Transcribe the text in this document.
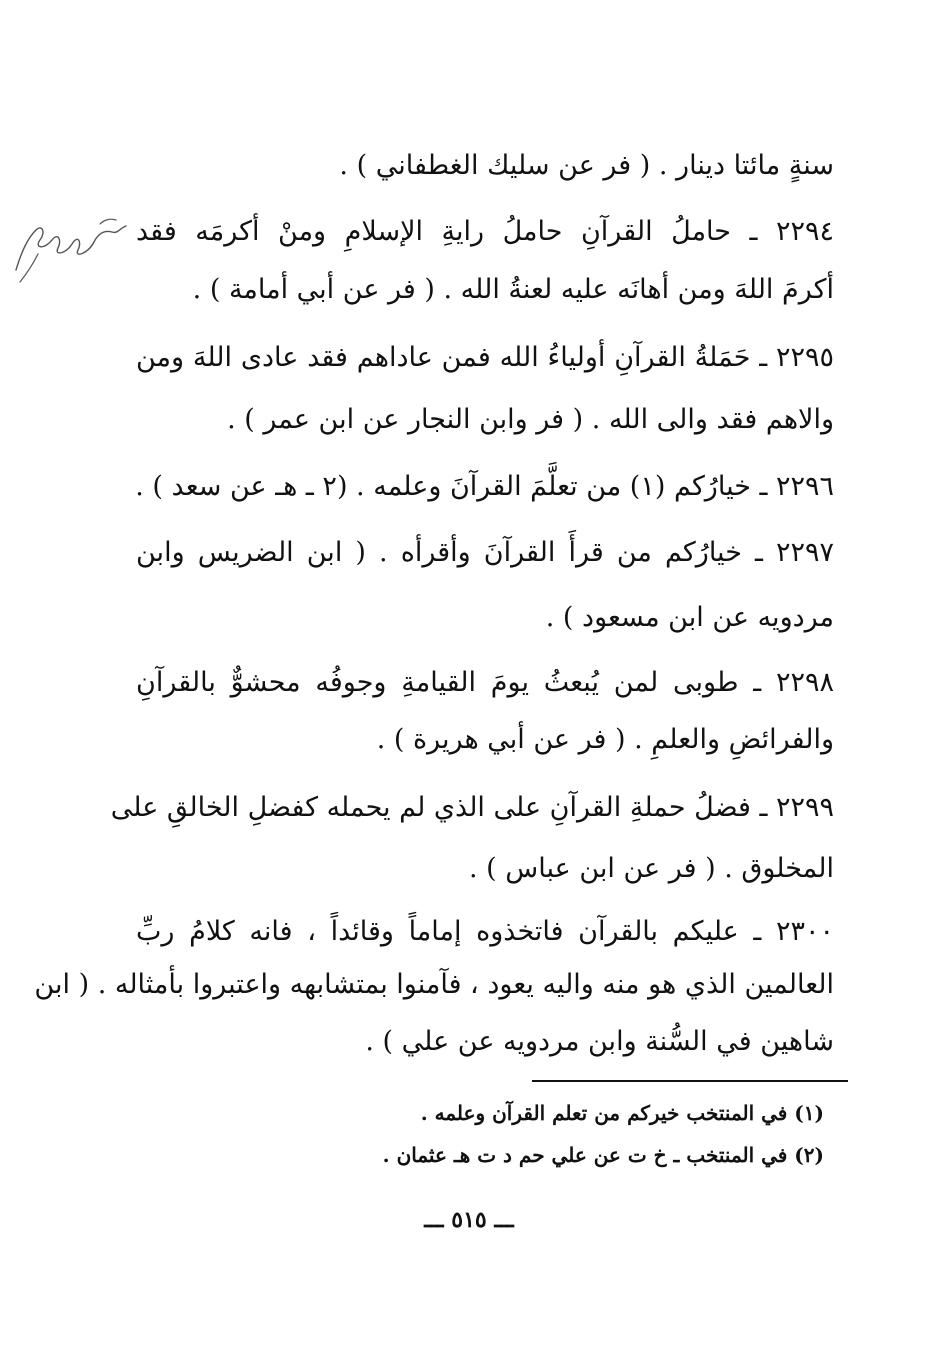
سنةٍ مائتا دينار . ( فر عن سليك الغطفاني ) .
٢٢٩٤ ـ حاملُ القرآنِ حاملُ رايةِ الإسلامِ ومنْ أكرمَه فقد
أكرمَ اللهَ ومن أهانَه عليه لعنةُ الله . ( فر عن أبي أمامة ) .
٢٢٩٥ ـ حَمَلةُ القرآنِ أولياءُ الله فمن عاداهم فقد عادى اللهَ ومن
والاهم فقد والى الله . ( فر وابن النجار عن ابن عمر ) .
٢٢٩٦ ـ خيارُكم (١) من تعلَّمَ القرآنَ وعلمه . (٢ ـ هـ عن سعد ) .
٢٢٩٧ ـ خيارُكم من قرأَ القرآنَ وأقرأه . ( ابن الضريس وابن
مردويه عن ابن مسعود ) .
٢٢٩٨ ـ طوبى لمن يُبعثُ يومَ القيامةِ وجوفُه محشوٌّ بالقرآنِ
والفرائضِ والعلمِ . ( فر عن أبي هريرة ) .
٢٢٩٩ ـ فضلُ حملةِ القرآنِ على الذي لم يحمله كفضلِ الخالقِ على
المخلوق . ( فر عن ابن عباس ) .
٢٣٠٠ ـ عليكم بالقرآن فاتخذوه إماماً وقائداً ، فانه كلامُ ربِّ
العالمين الذي هو منه واليه يعود ، فآمنوا بمتشابهه واعتبروا بأمثاله . ( ابن
شاهين في السُّنة وابن مردويه عن علي ) .
(١) في المنتخب خيركم من تعلم القرآن وعلمه .
(٢) في المنتخب ـ خ ت عن علي حم د ت هـ عثمان .
ـــ ٥١٥ ـــ
